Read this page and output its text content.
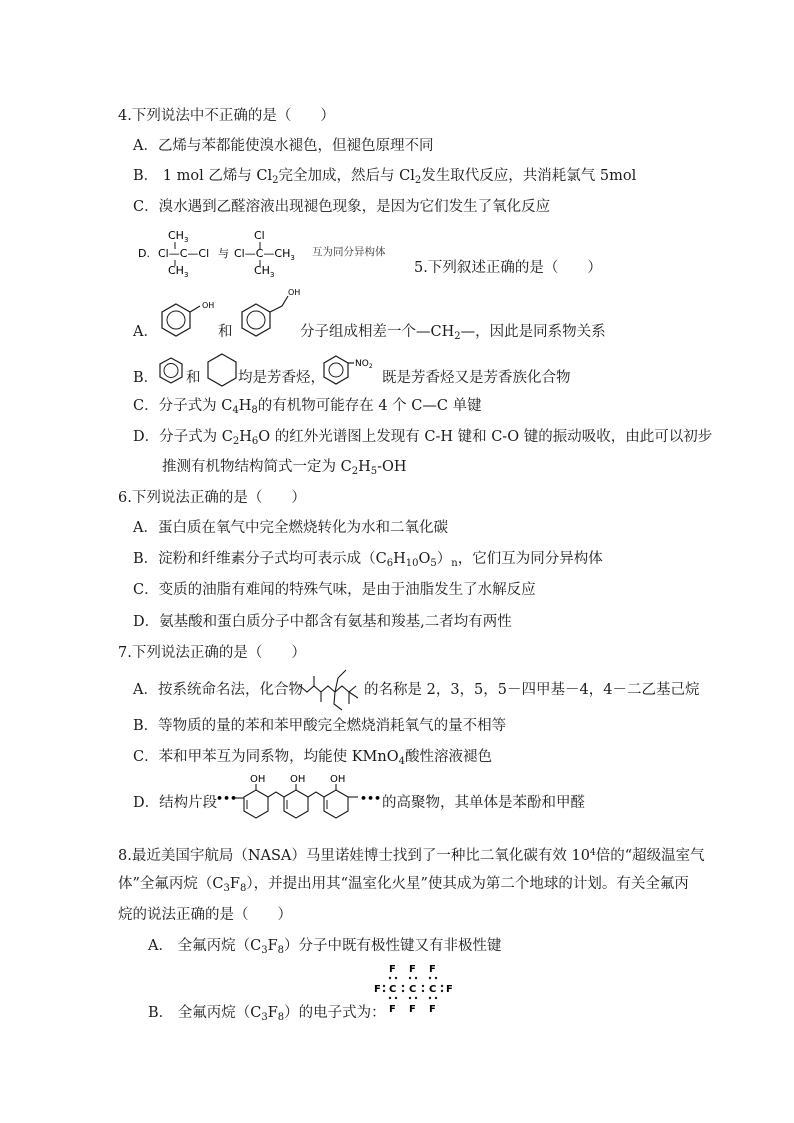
4.下列说法中不正确的是（　　）
A．乙烯与苯都能使溴水褪色，但褪色原理不同
B． 1 mol 乙烯与 $Cl_2$完全加成，然后与 $Cl_2$发生取代反应，共消耗氯气 5mol
C．溴水遇到乙醛溶液出现褪色现象，是因为它们发生了氧化反应
D.
$CH_3$
Cl—C—Cl
$CH_3$
与
Cl
$Cl—C—CH_3$
$CH_3$
互为同分异构体
5.下列叙述正确的是（　　）
A．
OH
和
OH
分子组成相差一个$—CH_2—$，因此是同系物关系
B． 和	均是芳香烃，
$NO_2$
既是芳香烃又是芳香族化合物
C．分子式为 $C_4H_8$的有机物可能存在 4 个 C—C 单键
D．分子式为 $C_2H_6O$ 的红外光谱图上发现有 C-H 键和 C-O 键的振动吸收，由此可以初步
推测有机物结构简式一定为 $C_2H_5-OH$
6.下列说法正确的是（　　）
A．蛋白质在氧气中完全燃烧转化为水和二氧化碳
B．淀粉和纤维素分子式均可表示成$(C_6H_{10}O_5)_n$，它们互为同分异构体
C．变质的油脂有难闻的特殊气味，是由于油脂发生了水解反应
D．氨基酸和蛋白质分子中都含有氨基和羧基,二者均有两性
7.下列说法正确的是（　　）
A．按系统命名法，化合物	的名称是 2，3，5，5－四甲基－4，4－二乙基己烷
B．等物质的量的苯和苯甲酸完全燃烧消耗氧气的量不相等
C．苯和甲苯互为同系物，均能使 KMnO$_4$酸性溶液褪色
D．结构片段
•••
OH OH OH
••• 的高聚物，其单体是苯酚和甲醛
8.最近美国宇航局（NASA）马里诺娃博士找到了一种比二氧化碳有效 $10^4$倍的“超级温室气
体”全氟丙烷$(C_3F_8)$，并提出用其“温室化火星”使其成为第二个地球的计划。有关全氟丙
烷的说法正确的是（　　）
A． 全氟丙烷$(C_3F_8)$分子中既有极性键又有非极性键
F F F
F C C C F
F F F
B． 全氟丙烷$(C_3F_8)$的电子式为：
